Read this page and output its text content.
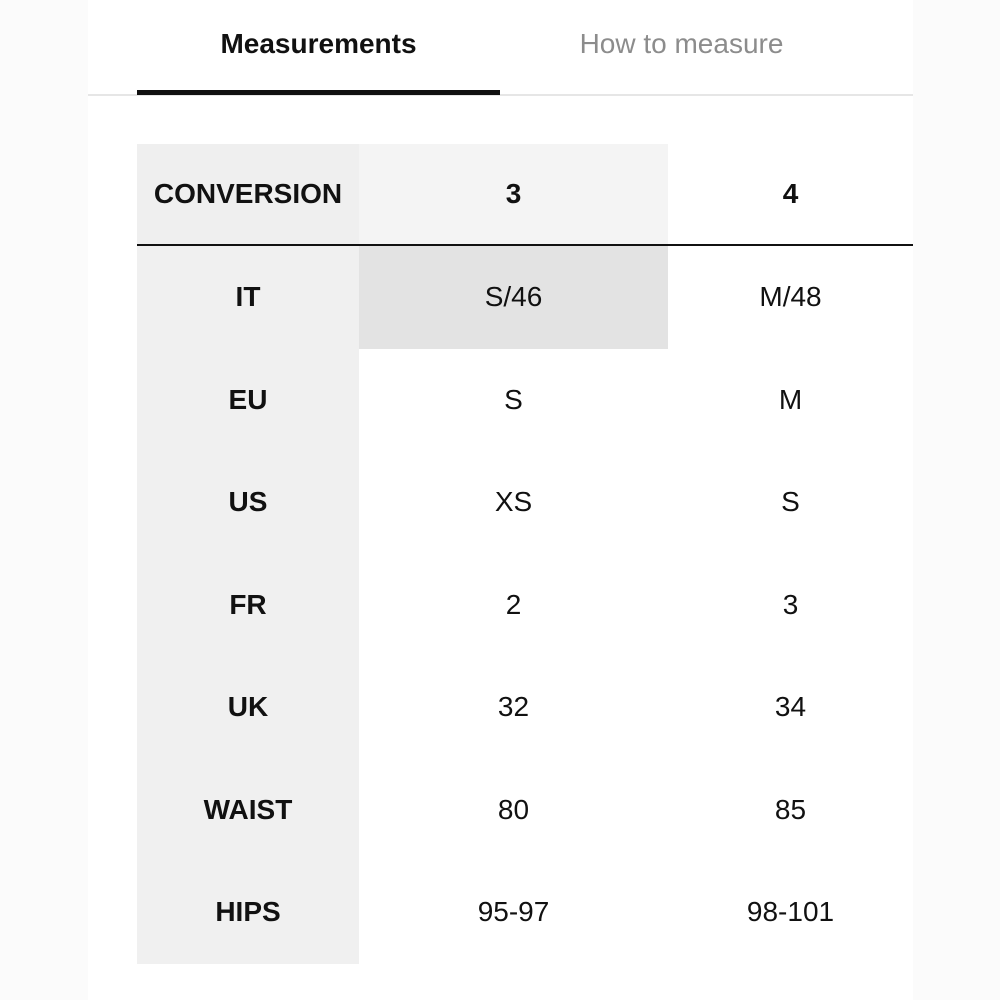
Measurements	How to measure
CONVERSION	3	4
IT	S/46	M/48
EU	S	M
US	XS	S
FR	2	3
UK	32	34
WAIST	80	85
HIPS	95-97	98-101
